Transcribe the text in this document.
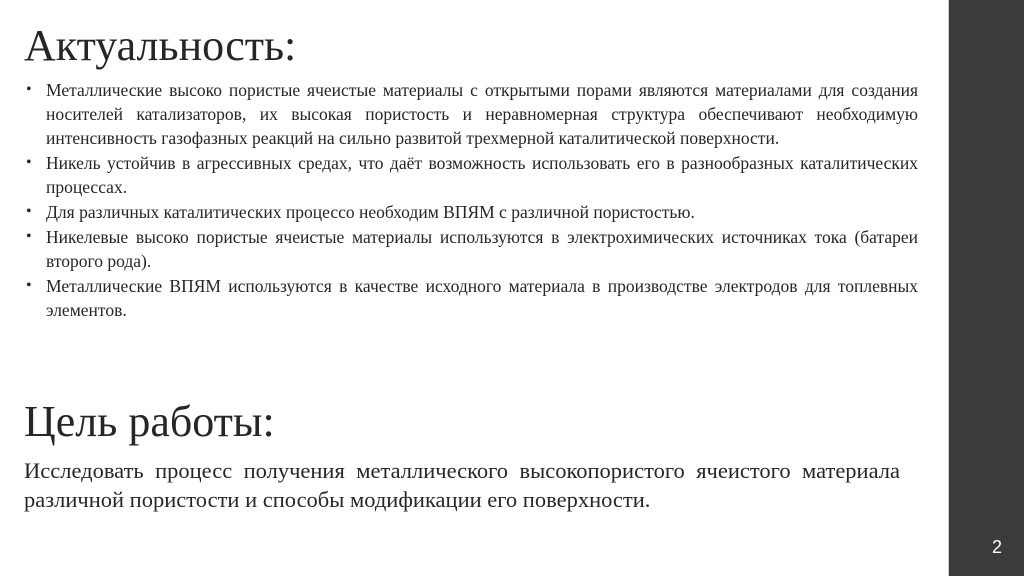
2
Актуальность:
• Металлические высоко пористые ячеистые материалы с открытыми порами являются материалами для создания носителей катализаторов, их высокая пористость и неравномерная структура обеспечивают необходимую интенсивность газофазных реакций на сильно развитой трехмерной каталитической поверхности.
• Никель устойчив в агрессивных средах, что даёт возможность использовать его в разнообразных каталитических процессах.
• Для различных каталитических процессо необходим ВПЯМ с различной пористостью.
• Никелевые высоко пористые ячеистые материалы используются в электрохимических источниках тока (батареи второго рода).
• Металлические ВПЯМ используются в качестве исходного материала в производстве электродов для топлевных элементов.
Цель работы:

Исследовать процесс получения металлического высокопористого ячеистого материала различной пористости и способы модификации его поверхности.
